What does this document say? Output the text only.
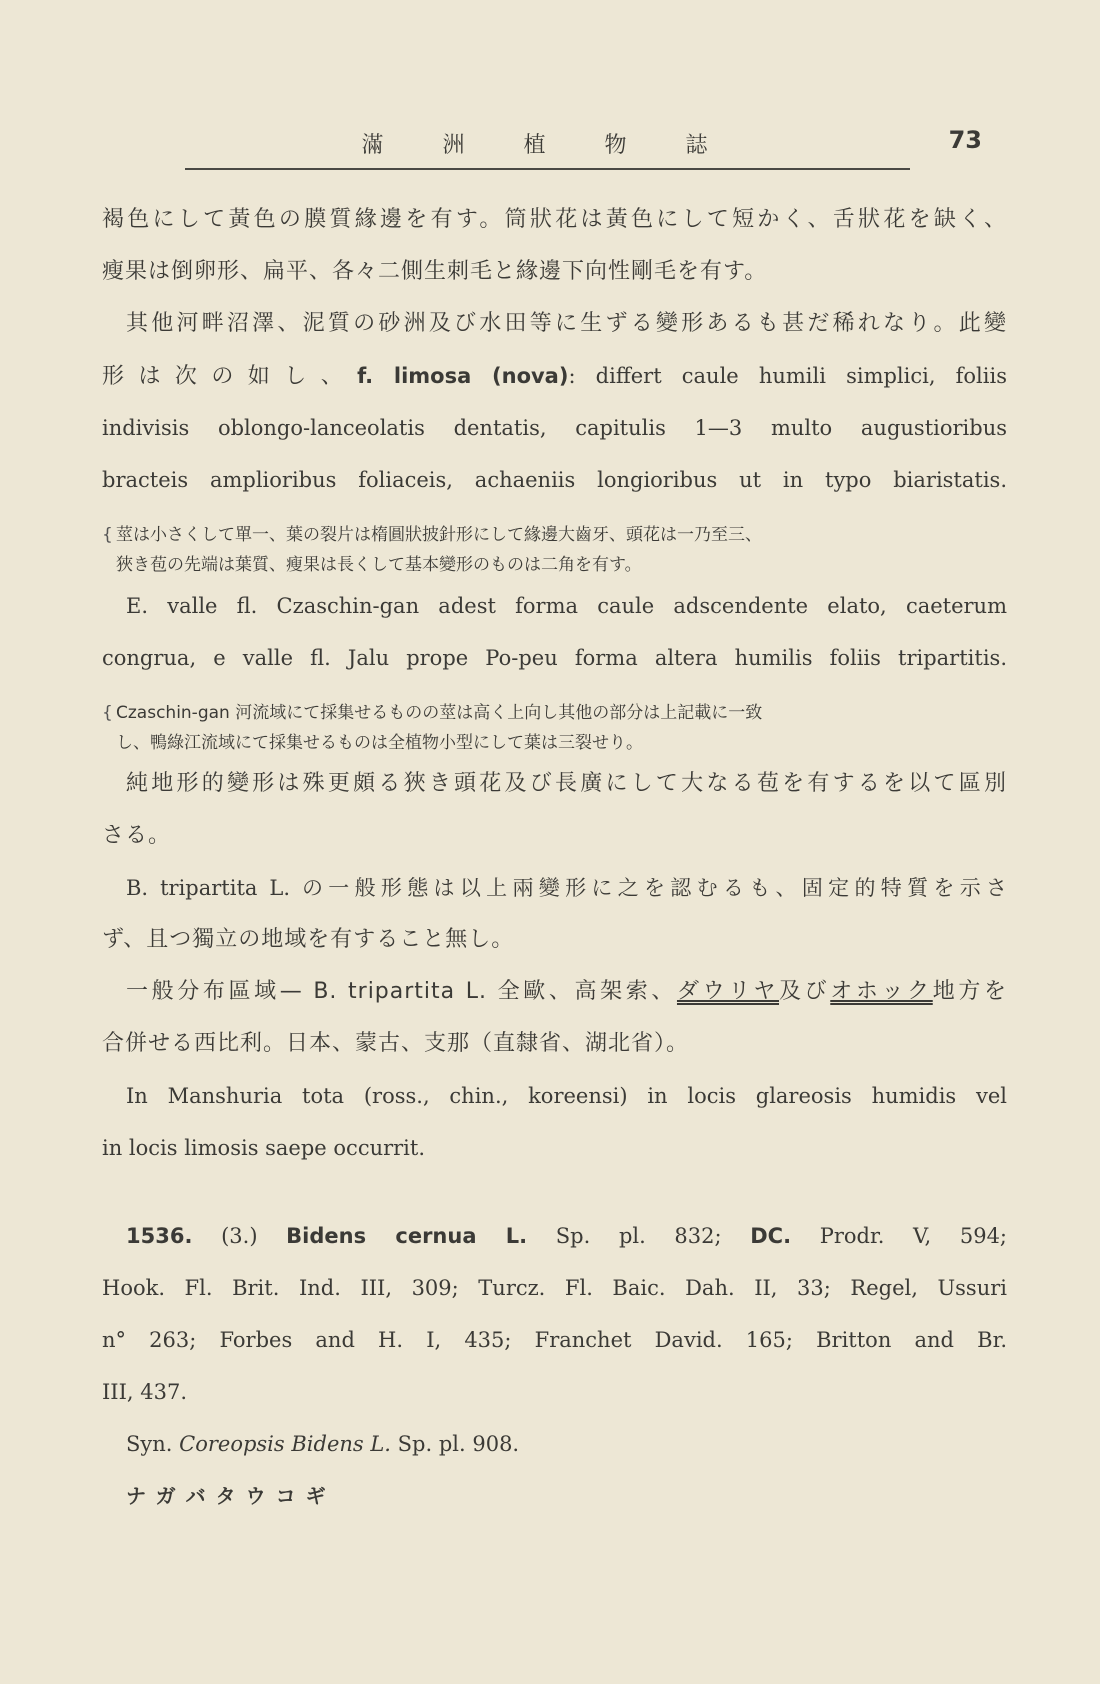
滿 洲 植 物 誌	73
褐色にして黃色の膜質緣邊を有す。筒狀花は黃色にして短かく、舌狀花を缺く、
瘦果は倒卵形、扁平、各々二側生刺毛と緣邊下向性剛毛を有す。
其他河畔沼澤、泥質の砂洲及び水田等に生ずる變形あるも甚だ稀れなり。此變
形は次の如し、f. limosa (nova): differt caule humili simplici, foliis
indivisis oblongo-lanceolatis dentatis, capitulis 1—3 multo augustioribus
bracteis amplioribus foliaceis, achaeniis longioribus ut in typo biaristatis.
{ 莖は小さくして單一、葉の裂片は楕圓狀披針形にして緣邊大齒牙、頭花は一乃至三、
狹き苞の先端は葉質、瘦果は長くして基本變形のものは二角を有す。
E. valle fl. Czaschin-gan adest forma caule adscendente elato, caeterum
congrua, e valle fl. Jalu prope Po-peu forma altera humilis foliis tripartitis.
{ Czaschin-gan 河流域にて採集せるものの莖は高く上向し其他の部分は上記載に一致
し、鴨綠江流域にて採集せるものは全植物小型にして葉は三裂せり。
純地形的變形は殊更頗る狹き頭花及び長廣にして大なる苞を有するを以て區別
さる。
B. tripartita L. の一般形態は以上兩變形に之を認むるも、固定的特質を示さ
ず、且つ獨立の地域を有すること無し。
一般分布區域— B. tripartita L. 全歐、高架索、ダウリヤ及びオホック地方を
合併せる西比利。日本、蒙古、支那（直隸省、湖北省）。
In Manshuria tota (ross., chin., koreensi) in locis glareosis humidis vel
in locis limosis saepe occurrit.
1536. (3.) Bidens cernua L. Sp. pl. 832; DC. Prodr. V, 594;
Hook. Fl. Brit. Ind. III, 309; Turcz. Fl. Baic. Dah. II, 33; Regel, Ussuri
n° 263; Forbes and H. I, 435; Franchet David. 165; Britton and Br.
III, 437.
Syn. Coreopsis Bidens L. Sp. pl. 908.
ナガバタウコギ
